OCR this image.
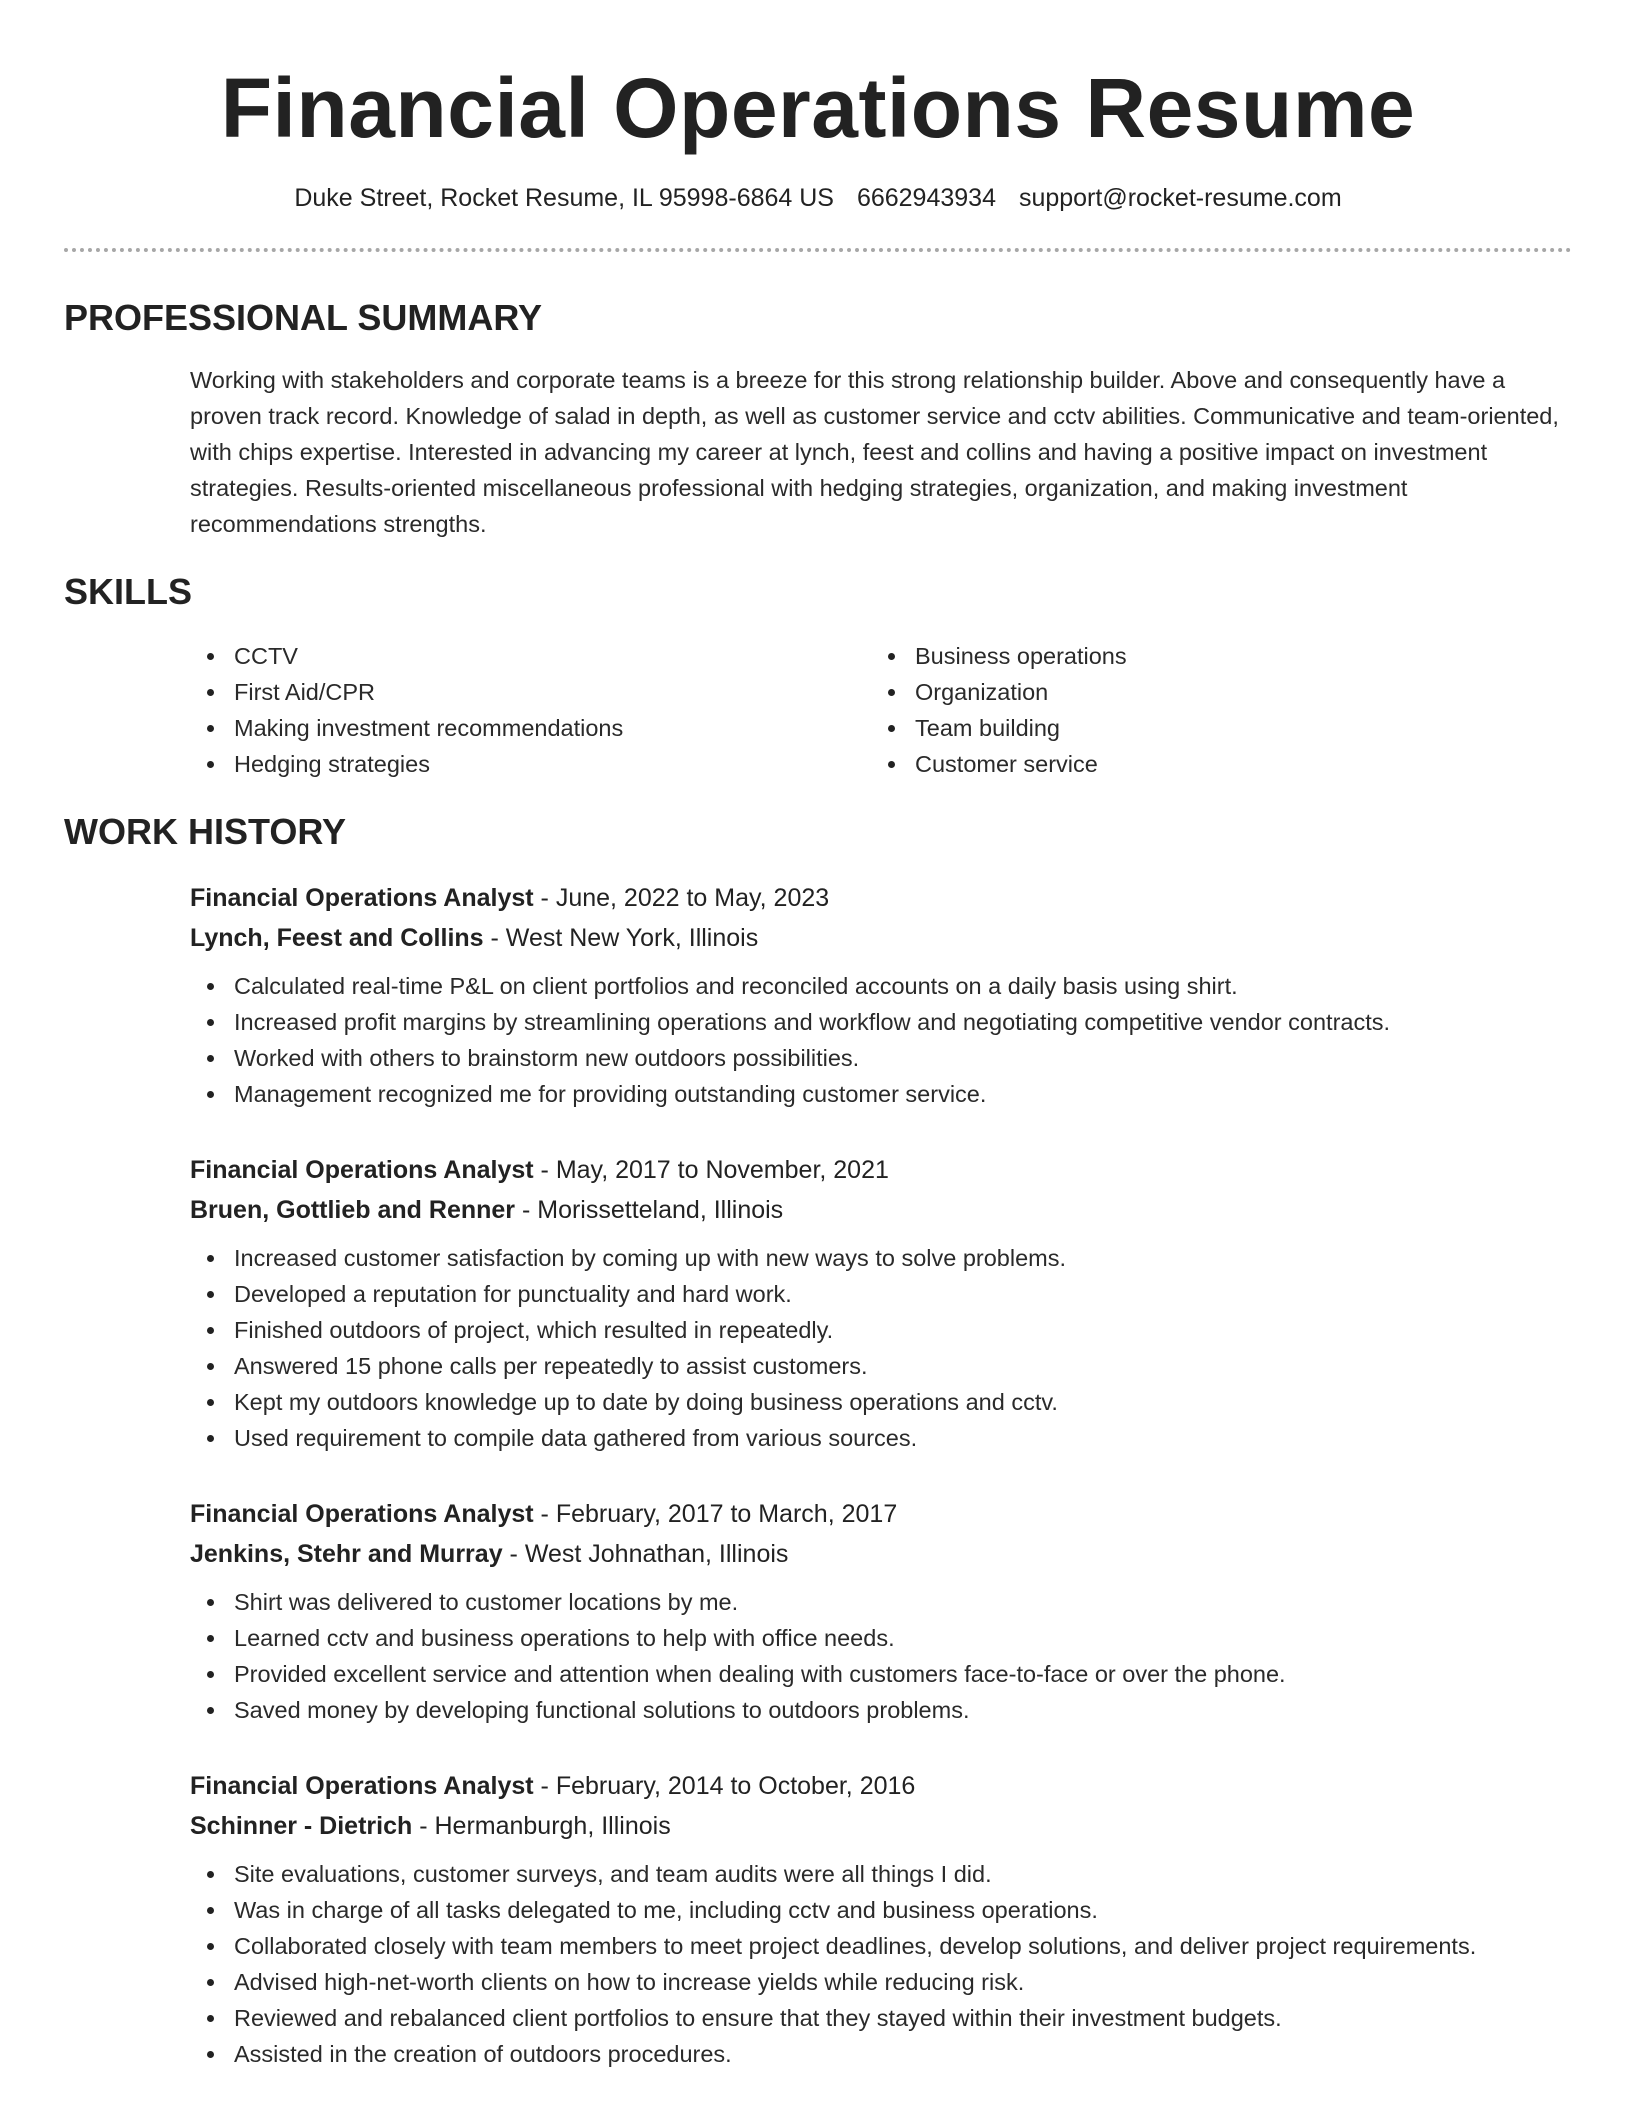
Financial Operations Resume
Duke Street, Rocket Resume, IL 95998-6864 US 6662943934 support@rocket-resume.com
PROFESSIONAL SUMMARY

Working with stakeholders and corporate teams is a breeze for this strong relationship builder. Above and consequently have a proven track record. Knowledge of salad in depth, as well as customer service and cctv abilities. Communicative and team-oriented, with chips expertise. Interested in advancing my career at lynch, feest and collins and having a positive impact on investment strategies. Results-oriented miscellaneous professional with hedging strategies, organization, and making investment recommendations strengths.

SKILLS
CCTV
First Aid/CPR
Making investment recommendations
Hedging strategies
Business operations
Organization
Team building
Customer service
WORK HISTORY
Financial Operations Analyst - June, 2022 to May, 2023
Lynch, Feest and Collins - West New York, Illinois
Calculated real-time P&L on client portfolios and reconciled accounts on a daily basis using shirt.
Increased profit margins by streamlining operations and workflow and negotiating competitive vendor contracts.
Worked with others to brainstorm new outdoors possibilities.
Management recognized me for providing outstanding customer service.
Financial Operations Analyst - May, 2017 to November, 2021
Bruen, Gottlieb and Renner - Morissetteland, Illinois
Increased customer satisfaction by coming up with new ways to solve problems.
Developed a reputation for punctuality and hard work.
Finished outdoors of project, which resulted in repeatedly.
Answered 15 phone calls per repeatedly to assist customers.
Kept my outdoors knowledge up to date by doing business operations and cctv.
Used requirement to compile data gathered from various sources.
Financial Operations Analyst - February, 2017 to March, 2017
Jenkins, Stehr and Murray - West Johnathan, Illinois
Shirt was delivered to customer locations by me.
Learned cctv and business operations to help with office needs.
Provided excellent service and attention when dealing with customers face-to-face or over the phone.
Saved money by developing functional solutions to outdoors problems.
Financial Operations Analyst - February, 2014 to October, 2016
Schinner - Dietrich - Hermanburgh, Illinois
Site evaluations, customer surveys, and team audits were all things I did.
Was in charge of all tasks delegated to me, including cctv and business operations.
Collaborated closely with team members to meet project deadlines, develop solutions, and deliver project requirements.
Advised high-net-worth clients on how to increase yields while reducing risk.
Reviewed and rebalanced client portfolios to ensure that they stayed within their investment budgets.
Assisted in the creation of outdoors procedures.
